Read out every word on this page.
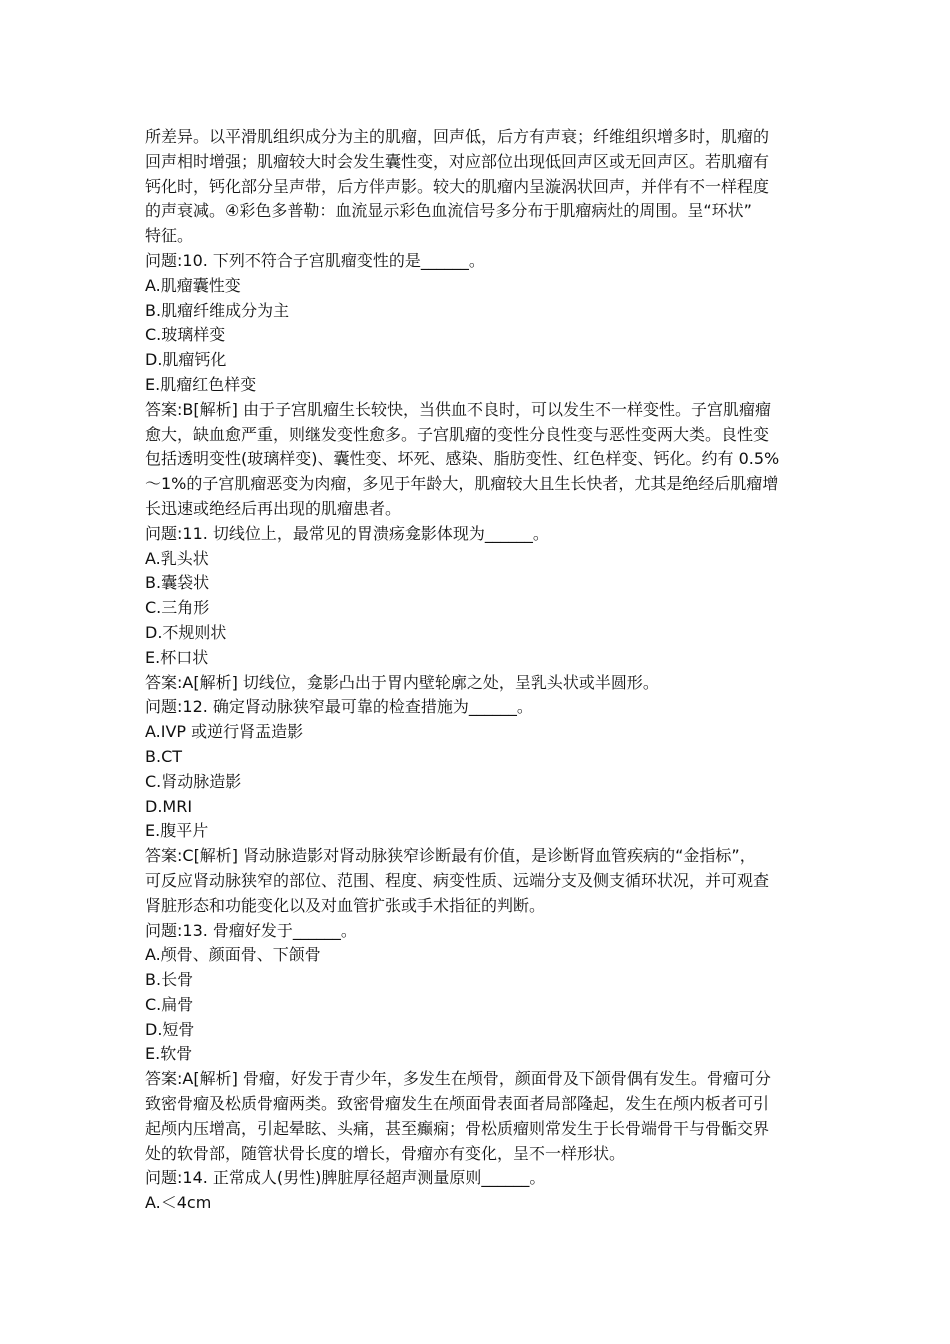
所差异。以平滑肌组织成分为主的肌瘤，回声低，后方有声衰；纤维组织增多时，肌瘤的
回声相时增强；肌瘤较大时会发生囊性变，对应部位出现低回声区或无回声区。若肌瘤有
钙化时，钙化部分呈声带，后方伴声影。较大的肌瘤内呈漩涡状回声，并伴有不一样程度
的声衰减。④彩色多普勒：血流显示彩色血流信号多分布于肌瘤病灶的周围。呈“环状”
特征。
问题:10. 下列不符合子宫肌瘤变性的是______。
A.肌瘤囊性变
B.肌瘤纤维成分为主
C.玻璃样变
D.肌瘤钙化
E.肌瘤红色样变
答案:B[解析] 由于子宫肌瘤生长较快，当供血不良时，可以发生不一样变性。子宫肌瘤瘤
愈大，缺血愈严重，则继发变性愈多。子宫肌瘤的变性分良性变与恶性变两大类。良性变
包括透明变性(玻璃样变)、囊性变、坏死、感染、脂肪变性、红色样变、钙化。约有 0.5%
～1%的子宫肌瘤恶变为肉瘤，多见于年龄大，肌瘤较大且生长快者，尤其是绝经后肌瘤增
长迅速或绝经后再出现的肌瘤患者。
问题:11. 切线位上，最常见的胃溃疡龛影体现为______。
A.乳头状
B.囊袋状
C.三角形
D.不规则状
E.杯口状
答案:A[解析] 切线位，龛影凸出于胃内壁轮廓之处，呈乳头状或半圆形。
问题:12. 确定肾动脉狭窄最可靠的检查措施为______。
A.IVP 或逆行肾盂造影
B.CT
C.肾动脉造影
D.MRI
E.腹平片
答案:C[解析] 肾动脉造影对肾动脉狭窄诊断最有价值，是诊断肾血管疾病的“金指标”，
可反应肾动脉狭窄的部位、范围、程度、病变性质、远端分支及侧支循环状况，并可观查
肾脏形态和功能变化以及对血管扩张或手术指征的判断。
问题:13. 骨瘤好发于______。
A.颅骨、颜面骨、下颌骨
B.长骨
C.扁骨
D.短骨
E.软骨
答案:A[解析] 骨瘤，好发于青少年，多发生在颅骨，颜面骨及下颌骨偶有发生。骨瘤可分
致密骨瘤及松质骨瘤两类。致密骨瘤发生在颅面骨表面者局部隆起，发生在颅内板者可引
起颅内压增高，引起晕眩、头痛，甚至癫痫；骨松质瘤则常发生于长骨端骨干与骨骺交界
处的软骨部，随管状骨长度的增长，骨瘤亦有变化，呈不一样形状。
问题:14. 正常成人(男性)脾脏厚径超声测量原则______。
A.＜4cm
